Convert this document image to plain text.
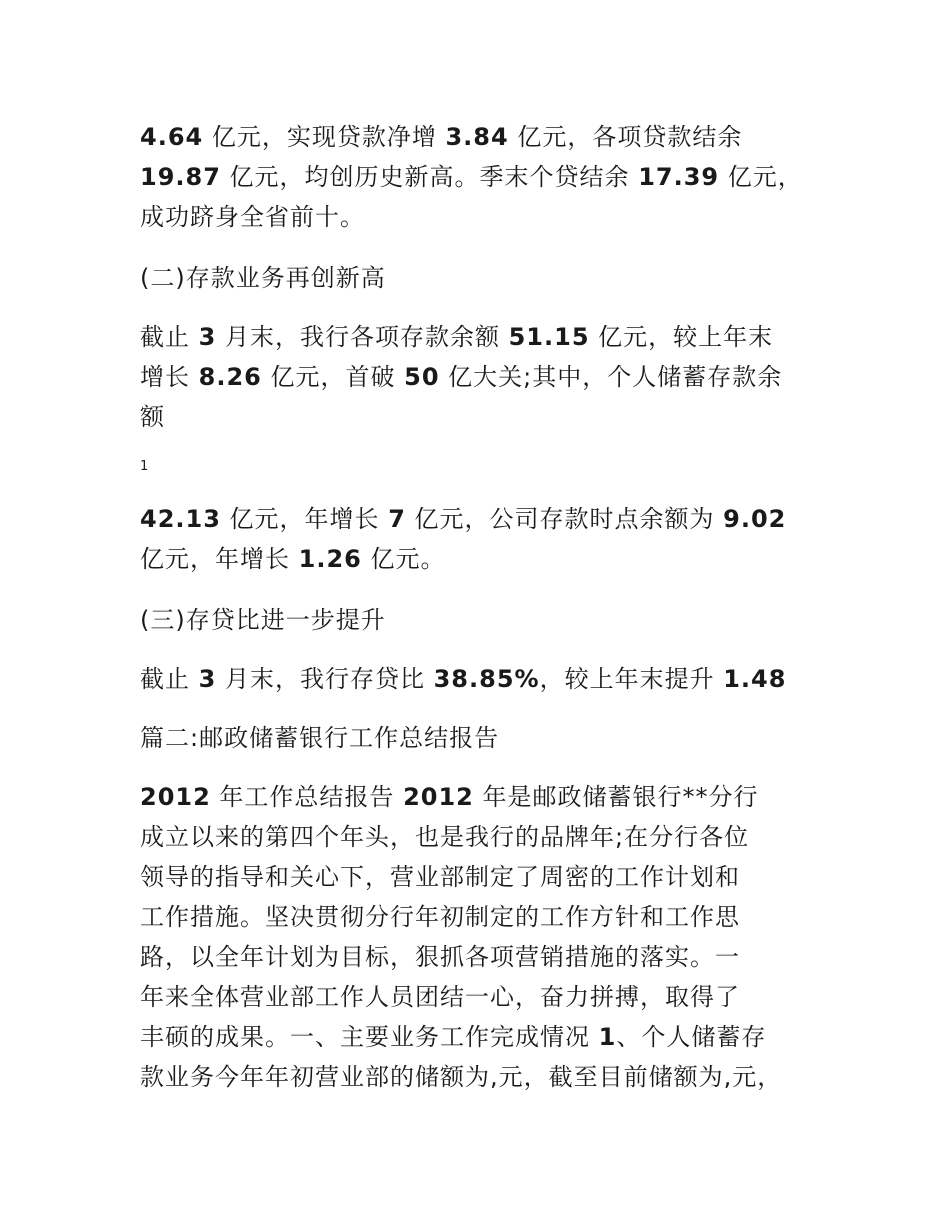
4.64 亿元，实现贷款净增 3.84 亿元，各项贷款结余
19.87 亿元，均创历史新高。季末个贷结余 17.39 亿元，
成功跻身全省前十。

(二)存款业务再创新高

截止 3 月末，我行各项存款余额 51.15 亿元，较上年末
增长 8.26 亿元，首破 50 亿大关;其中，个人储蓄存款余
额

1

42.13 亿元，年增长 7 亿元，公司存款时点余额为 9.02
亿元，年增长 1.26 亿元。

(三)存贷比进一步提升

截止 3 月末，我行存贷比 38.85%，较上年末提升 1.48

篇二:邮政储蓄银行工作总结报告

2012 年工作总结报告 2012 年是邮政储蓄银行**分行
成立以来的第四个年头，也是我行的品牌年;在分行各位
领导的指导和关心下，营业部制定了周密的工作计划和
工作措施。坚决贯彻分行年初制定的工作方针和工作思
路，以全年计划为目标，狠抓各项营销措施的落实。一
年来全体营业部工作人员团结一心，奋力拼搏，取得了
丰硕的成果。一、主要业务工作完成情况 1、个人储蓄存
款业务今年年初营业部的储额为,元，截至目前储额为,元，
